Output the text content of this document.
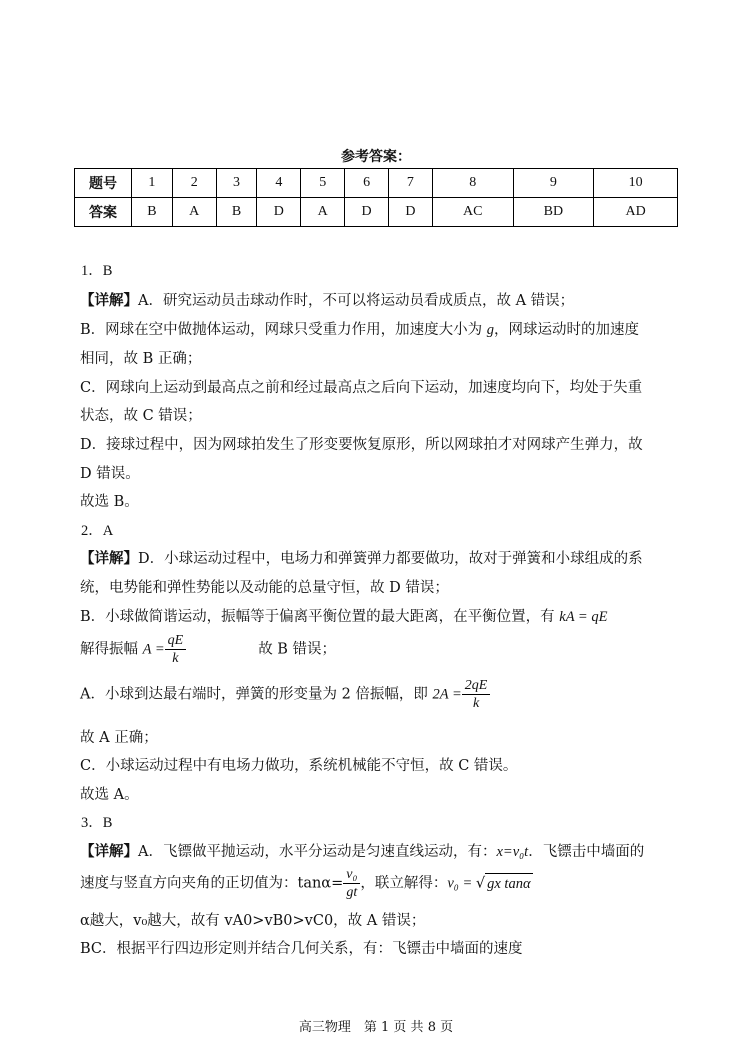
参考答案：
题号	1	2	3	4	5	6	7	8	9	10
答案	B	A	B	D	A	D	D	AC	BD	AD
1．B
【详解】A．研究运动员击球动作时，不可以将运动员看成质点，故 A 错误；
B．网球在空中做抛体运动，网球只受重力作用，加速度大小为 g，网球运动时的加速度
相同，故 B 正确；
C．网球向上运动到最高点之前和经过最高点之后向下运动，加速度均向下，均处于失重
状态，故 C 错误；
D．接球过程中，因为网球拍发生了形变要恢复原形，所以网球拍才对网球产生弹力，故
D 错误。
故选 B。
2．A
【详解】D．小球运动过程中，电场力和弹簧弹力都要做功，故对于弹簧和小球组成的系
统，电势能和弹性势能以及动能的总量守恒，故 D 错误；
B．小球做简谐运动，振幅等于偏离平衡位置的最大距离，在平衡位置，有 kA = qE
解得振幅 $A = \frac{qE}{k}$	故 B 错误；
A．小球到达最右端时，弹簧的形变量为 2 倍振幅，即 $2A = \frac{2qE}{k}$
故 A 正确；
C．小球运动过程中有电场力做功，系统机械能不守恒，故 C 错误。
故选 A。
3．B
【详解】A．飞镖做平抛运动，水平分运动是匀速直线运动，有：x=v₀t．飞镖击中墙面的
速度与竖直方向夹角的正切值为：$\tan\alpha= \frac{\text{v₀}}{gt}$ ，联立解得：v₀ = √ gx tanα
α越大，v₀越大，故有 vA0>vB0>vC0，故 A 错误；
BC．根据平行四边形定则并结合几何关系，有：飞镖击中墙面的速度
高三物理　第 1 页 共 8 页
